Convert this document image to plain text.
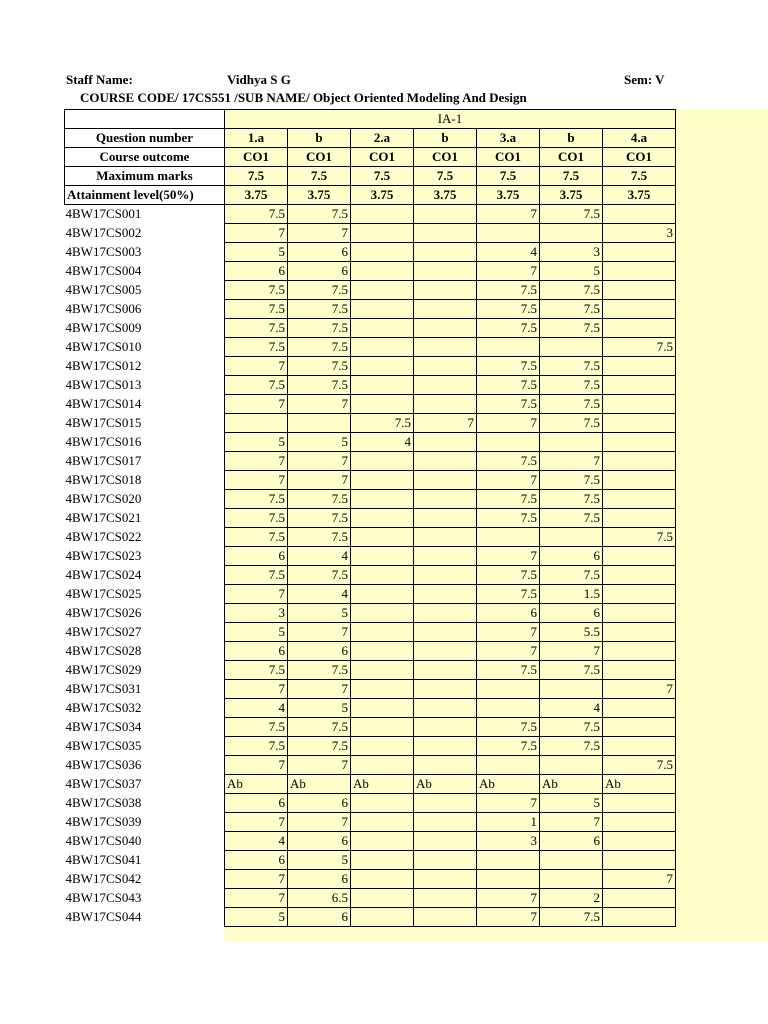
Staff Name:	Vidhya S G	Sem: V
COURSE CODE/ 17CS551 /SUB NAME/ Object Oriented Modeling And Design
	IA-1						
Question number	1.a	b	2.a	b	3.a	b	4.a
Course outcome	CO1	CO1	CO1	CO1	CO1	CO1	CO1
Maximum marks	7.5	7.5	7.5	7.5	7.5	7.5	7.5
Attainment level(50%)	3.75	3.75	3.75	3.75	3.75	3.75	3.75
4BW17CS001	7.5	7.5			7	7.5	
4BW17CS002	7	7					3
4BW17CS003	5	6			4	3	
4BW17CS004	6	6			7	5	
4BW17CS005	7.5	7.5			7.5	7.5	
4BW17CS006	7.5	7.5			7.5	7.5	
4BW17CS009	7.5	7.5			7.5	7.5	
4BW17CS010	7.5	7.5					7.5
4BW17CS012	7	7.5			7.5	7.5	
4BW17CS013	7.5	7.5			7.5	7.5	
4BW17CS014	7	7			7.5	7.5	
4BW17CS015			7.5	7	7	7.5	
4BW17CS016	5	5	4				
4BW17CS017	7	7			7.5	7	
4BW17CS018	7	7			7	7.5	
4BW17CS020	7.5	7.5			7.5	7.5	
4BW17CS021	7.5	7.5			7.5	7.5	
4BW17CS022	7.5	7.5					7.5
4BW17CS023	6	4			7	6	
4BW17CS024	7.5	7.5			7.5	7.5	
4BW17CS025	7	4			7.5	1.5	
4BW17CS026	3	5			6	6	
4BW17CS027	5	7			7	5.5	
4BW17CS028	6	6			7	7	
4BW17CS029	7.5	7.5			7.5	7.5	
4BW17CS031	7	7					7
4BW17CS032	4	5				4	
4BW17CS034	7.5	7.5			7.5	7.5	
4BW17CS035	7.5	7.5			7.5	7.5	
4BW17CS036	7	7					7.5
4BW17CS037	Ab	Ab	Ab	Ab	Ab	Ab	Ab
4BW17CS038	6	6			7	5	
4BW17CS039	7	7			1	7	
4BW17CS040	4	6			3	6	
4BW17CS041	6	5					
4BW17CS042	7	6					7
4BW17CS043	7	6.5			7	2	
4BW17CS044	5	6			7	7.5	
